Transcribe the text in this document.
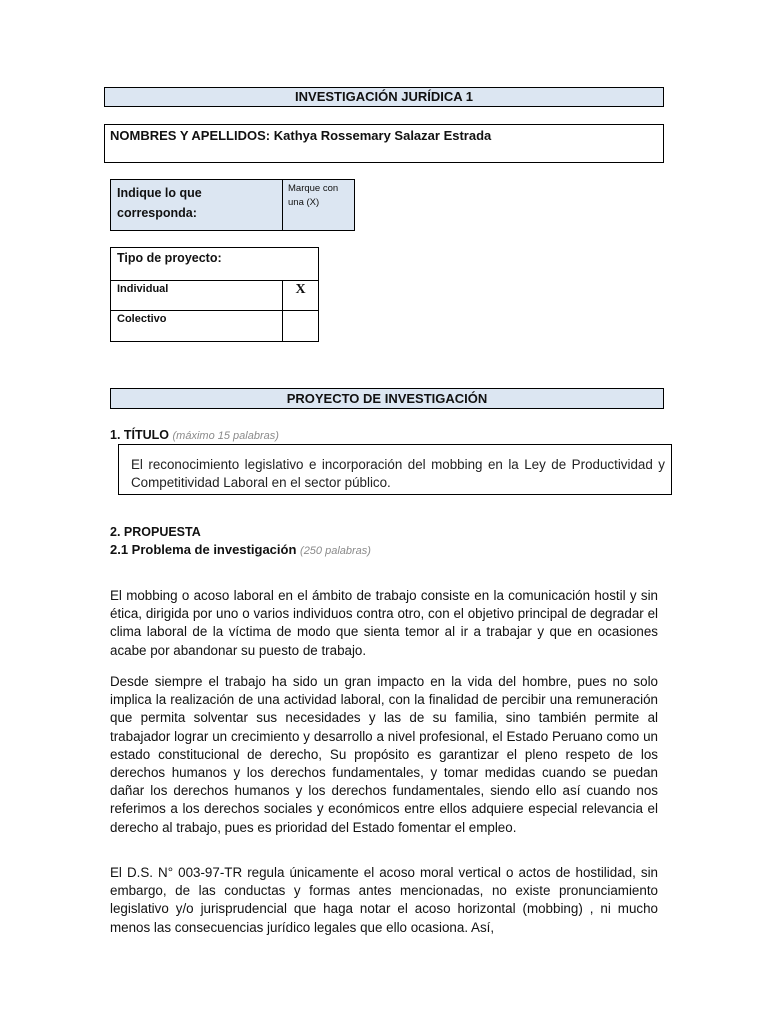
INVESTIGACIÓN JURÍDICA 1
NOMBRES Y APELLIDOS: Kathya Rossemary Salazar Estrada
Indique lo que corresponda:
Marque con una (X)
Tipo de proyecto:
Individual	X
Colectivo
PROYECTO DE INVESTIGACIÓN
1. TÍTULO (máximo 15 palabras)

El reconocimiento legislativo e incorporación del mobbing en la Ley de Productividad y Competitividad Laboral en el sector público.

2. PROPUESTA
2.1 Problema de investigación (250 palabras)

El mobbing o acoso laboral en el ámbito de trabajo consiste en la comunicación hostil y sin ética, dirigida por uno o varios individuos contra otro, con el objetivo principal de degradar el clima laboral de la víctima de modo que sienta temor al ir a trabajar y que en ocasiones acabe por abandonar su puesto de trabajo.

Desde siempre el trabajo ha sido un gran impacto en la vida del hombre, pues no solo implica la realización de una actividad laboral, con la finalidad de percibir una remuneración que permita solventar sus necesidades y las de su familia, sino también permite al trabajador lograr un crecimiento y desarrollo a nivel profesional, el Estado Peruano como un estado constitucional de derecho, Su propósito es garantizar el pleno respeto de los derechos humanos y los derechos fundamentales, y tomar medidas cuando se puedan dañar los derechos humanos y los derechos fundamentales, siendo ello así cuando nos referimos a los derechos sociales y económicos entre ellos adquiere especial relevancia el derecho al trabajo, pues es prioridad del Estado fomentar el empleo.

El D.S. N° 003-97-TR regula únicamente el acoso moral vertical o actos de hostilidad, sin embargo, de las conductas y formas antes mencionadas, no existe pronunciamiento legislativo y/o jurisprudencial que haga notar el acoso horizontal (mobbing) , ni mucho menos las consecuencias jurídico legales que ello ocasiona. Así,
